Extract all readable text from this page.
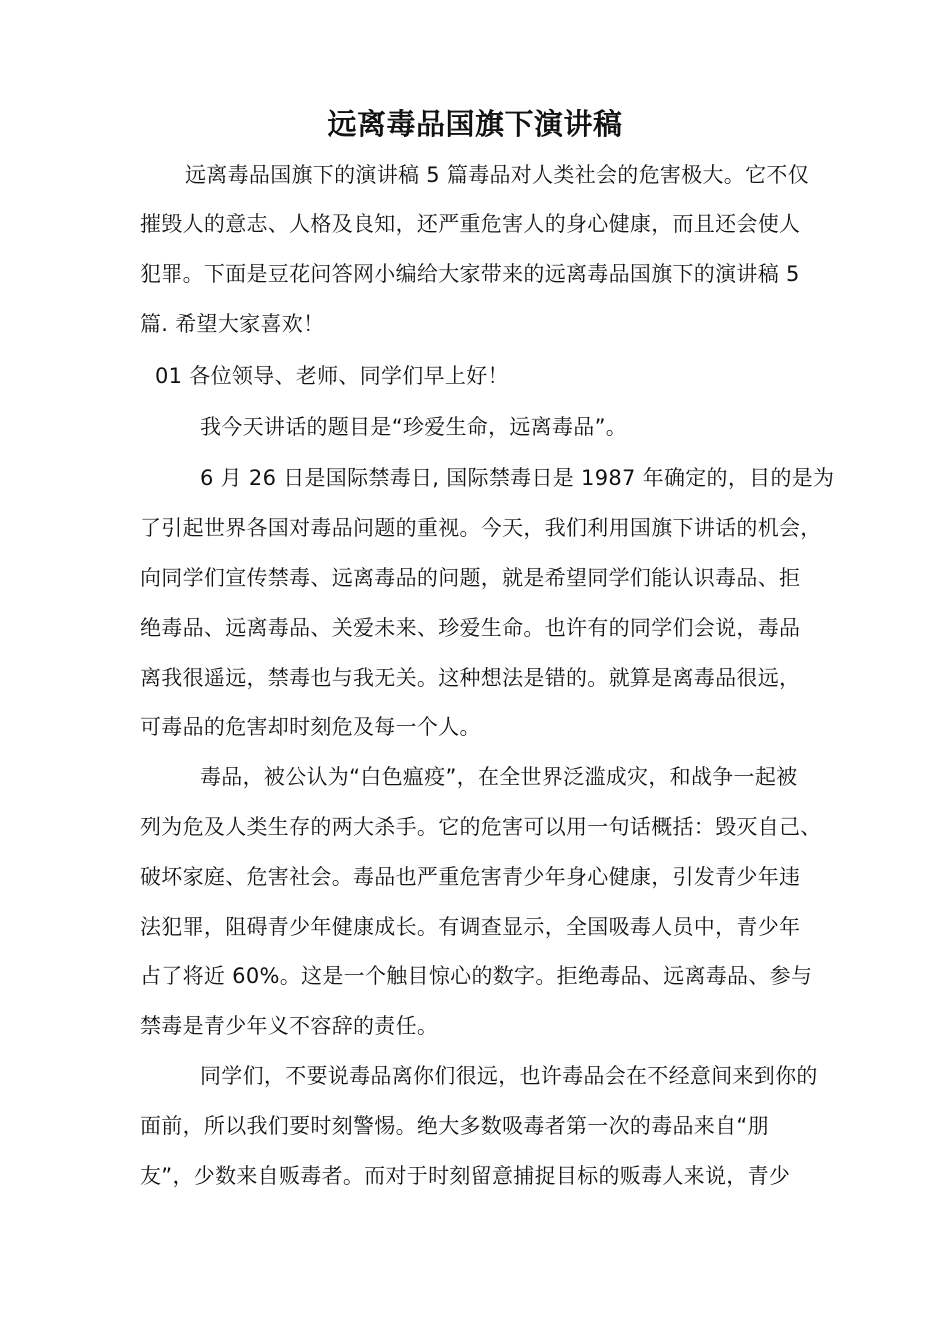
远离毒品国旗下演讲稿
远离毒品国旗下的演讲稿 5 篇毒品对人类社会的危害极大。它不仅
摧毁人的意志、人格及良知，还严重危害人的身心健康，而且还会使人
犯罪。下面是豆花问答网小编给大家带来的远离毒品国旗下的演讲稿 5
篇. 希望大家喜欢！
01 各位领导、老师、同学们早上好！
我今天讲话的题目是“珍爱生命，远离毒品”。
6 月 26 日是国际禁毒日, 国际禁毒日是 1987 年确定的，目的是为
了引起世界各国对毒品问题的重视。今天，我们利用国旗下讲话的机会，
向同学们宣传禁毒、远离毒品的问题，就是希望同学们能认识毒品、拒
绝毒品、远离毒品、关爱未来、珍爱生命。也许有的同学们会说，毒品
离我很遥远，禁毒也与我无关。这种想法是错的。就算是离毒品很远，
可毒品的危害却时刻危及每一个人。
毒品，被公认为“白色瘟疫”，在全世界泛滥成灾，和战争一起被
列为危及人类生存的两大杀手。它的危害可以用一句话概括：毁灭自己、
破坏家庭、危害社会。毒品也严重危害青少年身心健康，引发青少年违
法犯罪，阻碍青少年健康成长。有调查显示，全国吸毒人员中，青少年
占了将近 60%。这是一个触目惊心的数字。拒绝毒品、远离毒品、参与
禁毒是青少年义不容辞的责任。
同学们，不要说毒品离你们很远，也许毒品会在不经意间来到你的
面前，所以我们要时刻警惕。绝大多数吸毒者第一次的毒品来自“朋
友”，少数来自贩毒者。而对于时刻留意捕捉目标的贩毒人来说，青少
